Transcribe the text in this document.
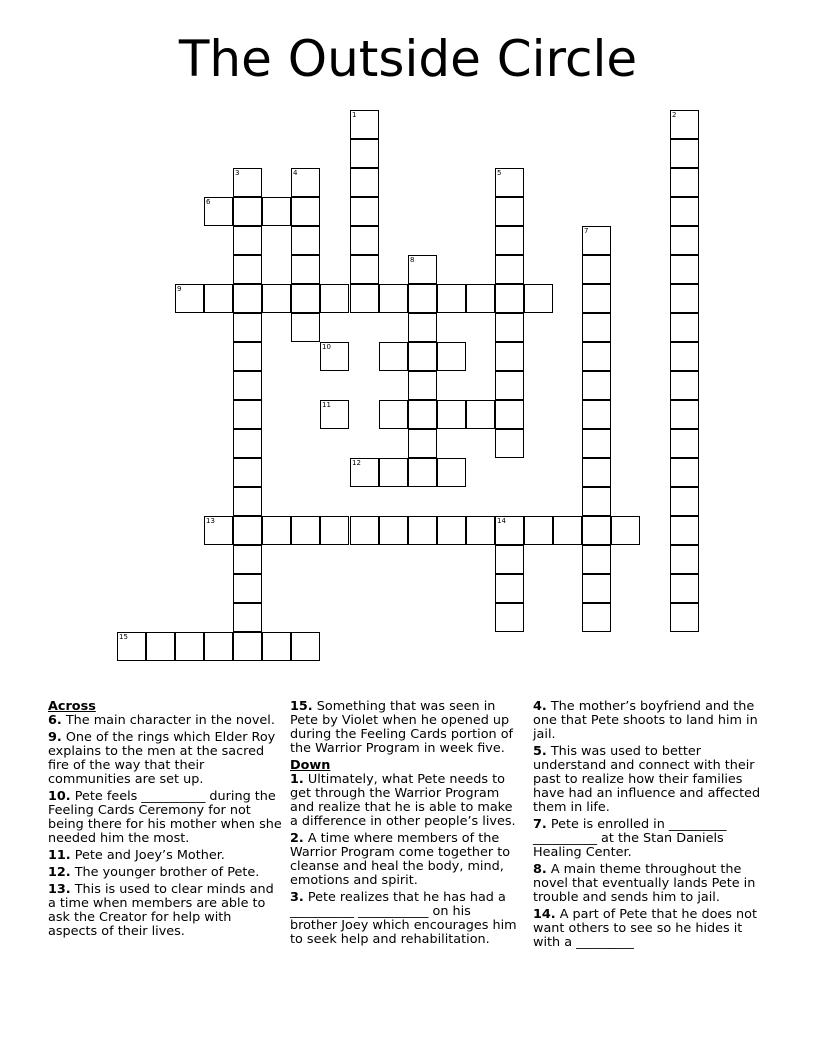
The Outside Circle
1	2
3	4	5
6
7
8
9
10
11
12
13	14
15
Across
6. The main character in the novel.
9. One of the rings which Elder Roy explains to the men at the sacred fire of the way that their communities are set up.
10. Pete feels __________ during the Feeling Cards Ceremony for not being there for his mother when she needed him the most.
11. Pete and Joey’s Mother.
12. The younger brother of Pete.
13. This is used to clear minds and a time when members are able to ask the Creator for help with aspects of their lives.
15. Something that was seen in Pete by Violet when he opened up during the Feeling Cards portion of the Warrior Program in week five.
Down
1. Ultimately, what Pete needs to get through the Warrior Program and realize that he is able to make a difference in other people’s lives.
2. A time where members of the Warrior Program come together to cleanse and heal the body, mind, emotions and spirit.
3. Pete realizes that he has had a __________ ___________ on his brother Joey which encourages him to seek help and rehabilitation.
4. The mother’s boyfriend and the one that Pete shoots to land him in jail.
5. This was used to better understand and connect with their past to realize how their families have had an influence and affected them in life.
7. Pete is enrolled in _________ __________ at the Stan Daniels Healing Center.
8. A main theme throughout the novel that eventually lands Pete in trouble and sends him to jail.
14. A part of Pete that he does not want others to see so he hides it with a _________
